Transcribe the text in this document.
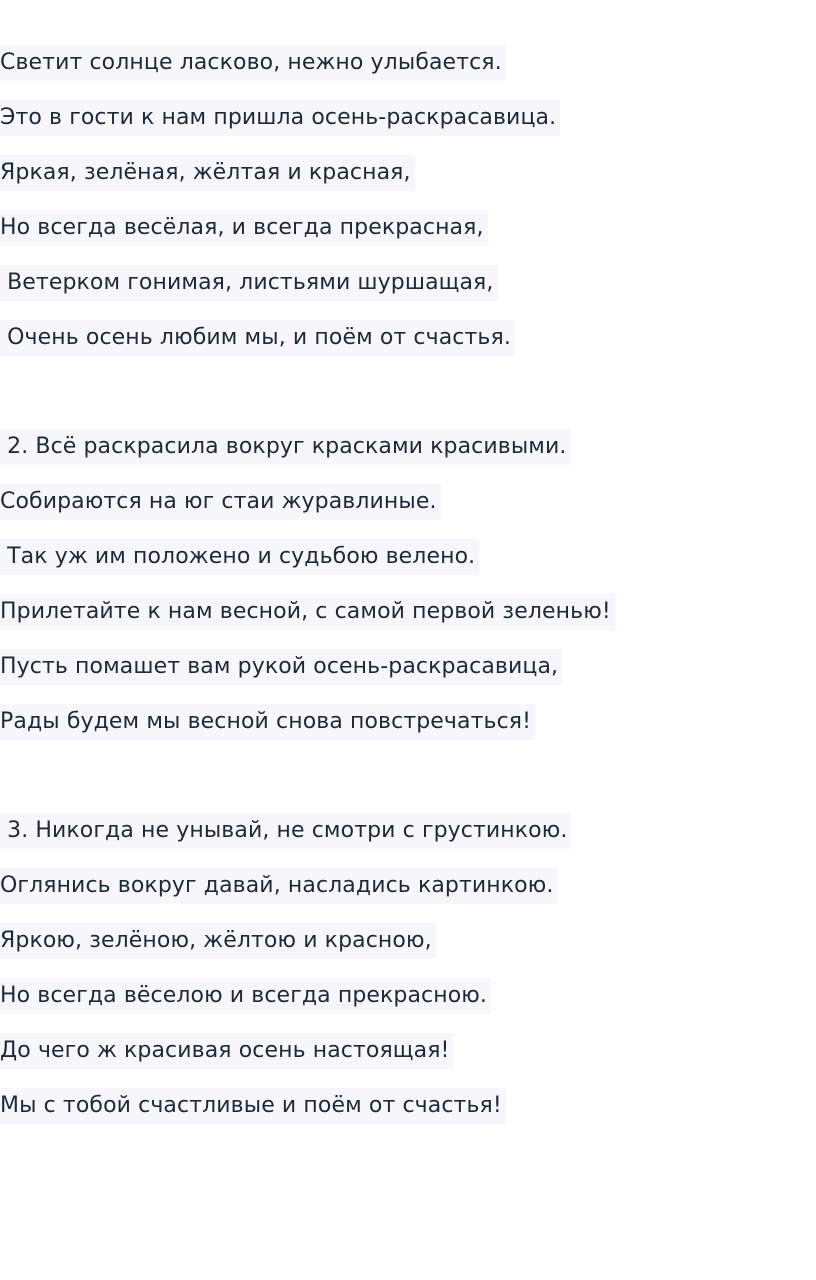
Светит солнце ласково, нежно улыбается.
Это в гости к нам пришла осень-раскрасавица.
Яркая, зелёная, жёлтая и красная,
Но всегда весёлая, и всегда прекрасная,
Ветерком гонимая, листьями шуршащая,
Очень осень любим мы, и поём от счастья.
2. Всё раскрасила вокруг красками красивыми.
Собираются на юг стаи журавлиные.
Так уж им положено и судьбою велено.
Прилетайте к нам весной, с самой первой зеленью!
Пусть помашет вам рукой осень-раскрасавица,
Рады будем мы весной снова повстречаться!
3. Никогда не унывай, не смотри с грустинкою.
Оглянись вокруг давай, насладись картинкою.
Яркою, зелёною, жёлтою и красною,
Но всегда вёселою и всегда прекрасною.
До чего ж красивая осень настоящая!
Мы с тобой счастливые и поём от счастья!
